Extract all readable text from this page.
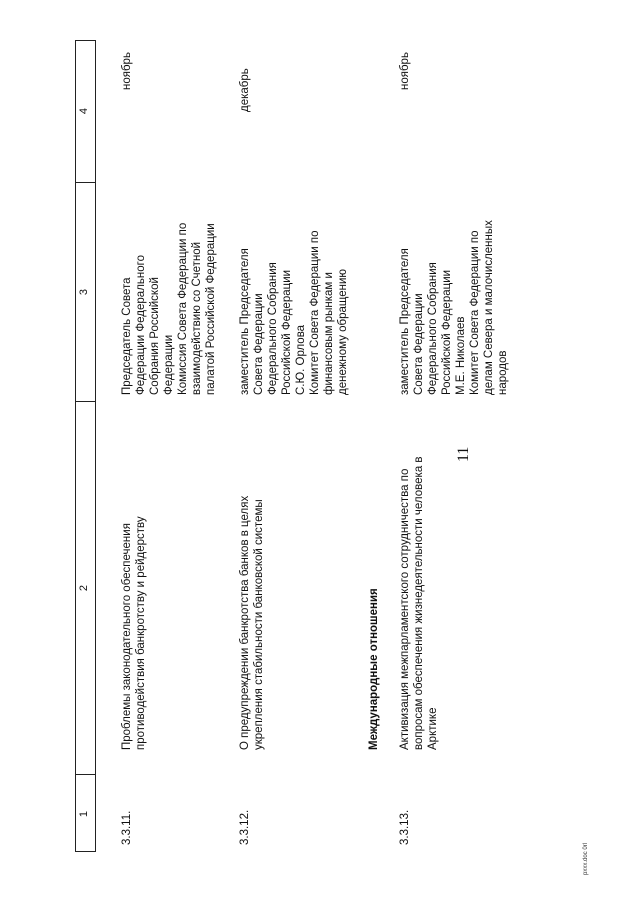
11
1
2
3
4
3.3.11.
Проблемы законодательного обеспечения
противодействия банкротству и рейдерству
Председатель Совета
Федерации Федерального
Собрания Российской
Федерации
Комиссия Совета Федерации по
взаимодействию со Счетной
палатой Российской Федерации
ноябрь
3.3.12.
О предупреждении банкротства банков в целях
укрепления стабильности банковской системы
заместитель Председателя
Совета Федерации
Федерального Собрания
Российской Федерации
С.Ю. Орлова
Комитет Совета Федерации по
финансовым рынкам и
денежному обращению
декабрь
Международные отношения
3.3.13.
Активизация межпарламентского сотрудничества по
вопросам обеспечения жизнедеятельности человека в
Арктике
заместитель Председателя
Совета Федерации
Федерального Собрания
Российской Федерации
М.Е. Николаев
Комитет Совета Федерации по
делам Севера и малочисленных
народов
ноябрь
pххх.doc 0rl
